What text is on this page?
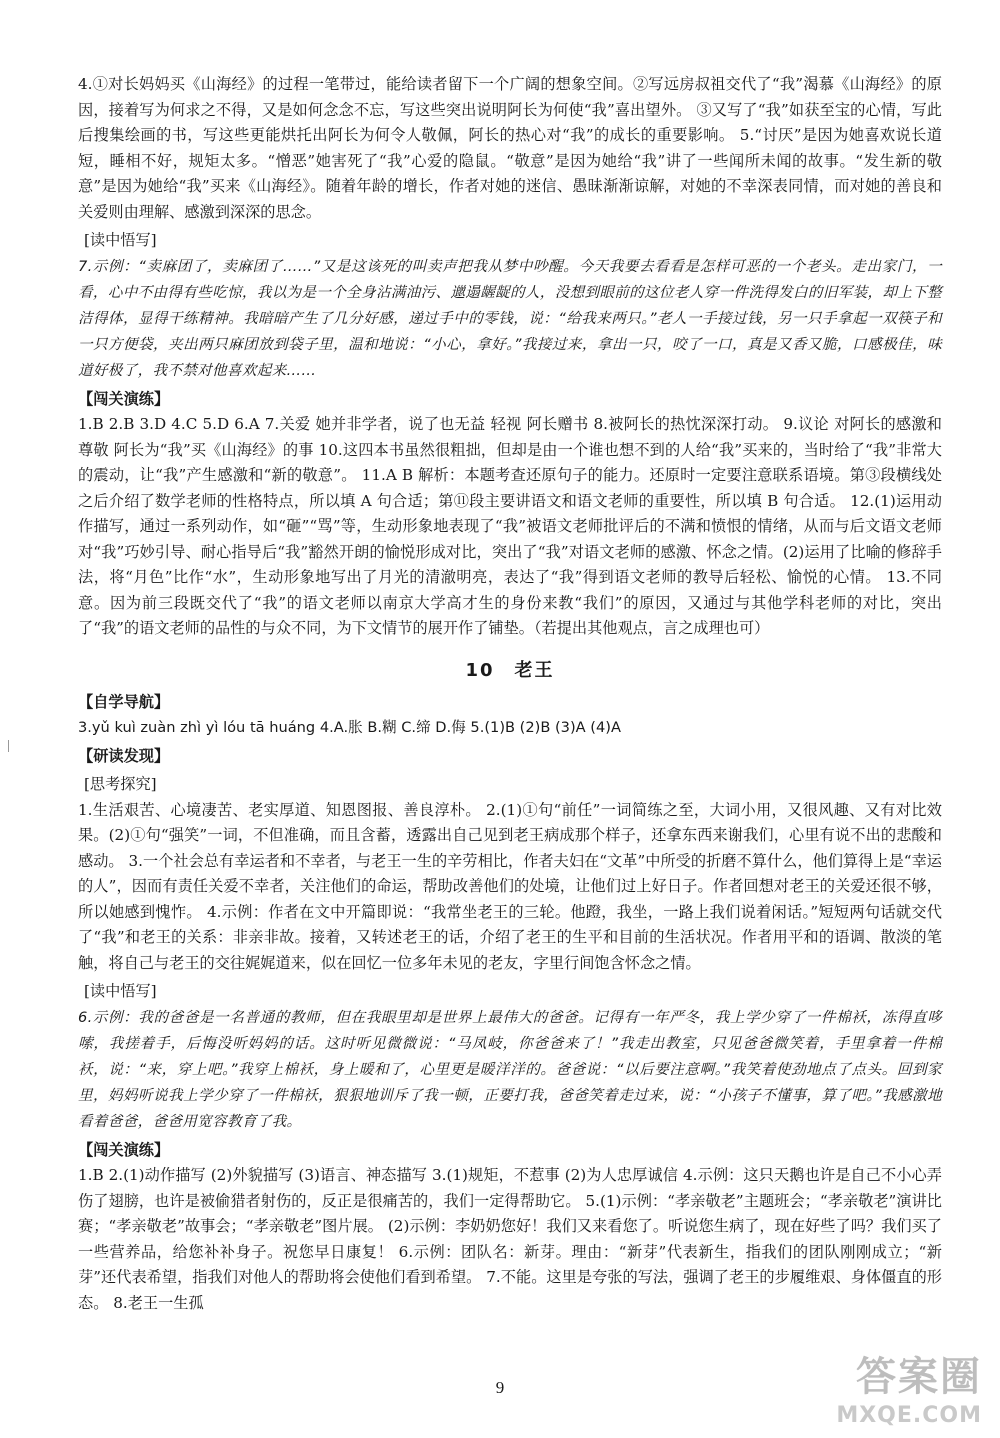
4.①对长妈妈买《山海经》的过程一笔带过，能给读者留下一个广阔的想象空间。②写远房叔祖交代了“我”渴慕《山海经》的原因，接着写为何求之不得，又是如何念念不忘，写这些突出说明阿长为何使“我”喜出望外。 ③又写了“我”如获至宝的心情，写此后搜集绘画的书，写这些更能烘托出阿长为何令人敬佩，阿长的热心对“我”的成长的重要影响。 5.“讨厌”是因为她喜欢说长道短，睡相不好，规矩太多。“憎恶”她害死了“我”心爱的隐鼠。“敬意”是因为她给“我”讲了一些闻所未闻的故事。“发生新的敬意”是因为她给“我”买来《山海经》。随着年龄的增长，作者对她的迷信、愚昧渐渐谅解，对她的不幸深表同情，而对她的善良和关爱则由理解、感激到深深的思念。

[读中悟写]

7.示例：“卖麻团了，卖麻团了……”又是这该死的叫卖声把我从梦中吵醒。今天我要去看看是怎样可恶的一个老头。走出家门，一看，心中不由得有些吃惊，我以为是一个全身沾满油污、邋遢龌龊的人，没想到眼前的这位老人穿一件洗得发白的旧军装，却上下整洁得体，显得干练精神。我暗暗产生了几分好感，递过手中的零钱，说：“给我来两只。”老人一手接过钱，另一只手拿起一双筷子和一只方便袋，夹出两只麻团放到袋子里，温和地说：“小心，拿好。”我接过来，拿出一只，咬了一口，真是又香又脆，口感极佳，味道好极了，我不禁对他喜欢起来……

【闯关演练】

1.B 2.B 3.D 4.C 5.D 6.A 7.关爱 她并非学者，说了也无益 轻视 阿长赠书 8.被阿长的热忱深深打动。 9.议论 对阿长的感激和尊敬 阿长为“我”买《山海经》的事 10.这四本书虽然很粗拙，但却是由一个谁也想不到的人给“我”买来的，当时给了“我”非常大的震动，让“我”产生感激和“新的敬意”。 11.A B 解析：本题考查还原句子的能力。还原时一定要注意联系语境。第③段横线处之后介绍了数学老师的性格特点，所以填 A 句合适；第⑪段主要讲语文和语文老师的重要性，所以填 B 句合适。 12.(1)运用动作描写，通过一系列动作，如“砸”“骂”等，生动形象地表现了“我”被语文老师批评后的不满和愤恨的情绪，从而与后文语文老师对“我”巧妙引导、耐心指导后“我”豁然开朗的愉悦形成对比，突出了“我”对语文老师的感激、怀念之情。(2)运用了比喻的修辞手法，将“月色”比作“水”，生动形象地写出了月光的清澈明亮，表达了“我”得到语文老师的教导后轻松、愉悦的心情。 13.不同意。因为前三段既交代了“我”的语文老师以南京大学高才生的身份来教“我们”的原因，又通过与其他学科老师的对比，突出了“我”的语文老师的品性的与众不同，为下文情节的展开作了铺垫。（若提出其他观点，言之成理也可）

10　老王

【自学导航】

3.yǔ kuì zuàn zhì yì lóu tā huáng 4.A.胀 B.糊 C.缔 D.侮 5.(1)B (2)B (3)A (4)A

【研读发现】

[思考探究]

1.生活艰苦、心境凄苦、老实厚道、知恩图报、善良淳朴。 2.(1)①句“前任”一词简练之至，大词小用，又很风趣、又有对比效果。(2)①句“强笑”一词，不但准确，而且含蓄，透露出自己见到老王病成那个样子，还拿东西来谢我们，心里有说不出的悲酸和感动。 3.一个社会总有幸运者和不幸者，与老王一生的辛劳相比，作者夫妇在“文革”中所受的折磨不算什么，他们算得上是“幸运的人”，因而有责任关爱不幸者，关注他们的命运，帮助改善他们的处境，让他们过上好日子。作者回想对老王的关爱还很不够，所以她感到愧怍。 4.示例：作者在文中开篇即说：“我常坐老王的三轮。他蹬，我坐，一路上我们说着闲话。”短短两句话就交代了“我”和老王的关系：非亲非故。接着，又转述老王的话，介绍了老王的生平和目前的生活状况。作者用平和的语调、散淡的笔触，将自己与老王的交往娓娓道来，似在回忆一位多年未见的老友，字里行间饱含怀念之情。

[读中悟写]

6.示例：我的爸爸是一名普通的教师，但在我眼里却是世界上最伟大的爸爸。记得有一年严冬，我上学少穿了一件棉袄，冻得直哆嗦，我搓着手，后悔没听妈妈的话。这时听见微微说：“马凤岐，你爸爸来了！”我走出教室，只见爸爸微笑着，手里拿着一件棉袄，说：“来，穿上吧。”我穿上棉袄，身上暖和了，心里更是暖洋洋的。爸爸说：“以后要注意啊。”我笑着使劲地点了点头。回到家里，妈妈听说我上学少穿了一件棉袄，狠狠地训斥了我一顿，正要打我，爸爸笑着走过来，说：“小孩子不懂事，算了吧。”我感激地看着爸爸，爸爸用宽容教育了我。

【闯关演练】

1.B 2.(1)动作描写 (2)外貌描写 (3)语言、神态描写 3.(1)规矩，不惹事 (2)为人忠厚诚信 4.示例：这只天鹅也许是自己不小心弄伤了翅膀，也许是被偷猎者射伤的，反正是很痛苦的，我们一定得帮助它。 5.(1)示例：“孝亲敬老”主题班会；“孝亲敬老”演讲比赛；“孝亲敬老”故事会；“孝亲敬老”图片展。 (2)示例：李奶奶您好！我们又来看您了。听说您生病了，现在好些了吗？我们买了一些营养品，给您补补身子。祝您早日康复！ 6.示例：团队名：新芽。理由：“新芽”代表新生，指我们的团队刚刚成立；“新芽”还代表希望，指我们对他人的帮助将会使他们看到希望。 7.不能。这里是夸张的写法，强调了老王的步履维艰、身体僵直的形态。 8.老王一生孤

9	答案圈
MXQE.COM
